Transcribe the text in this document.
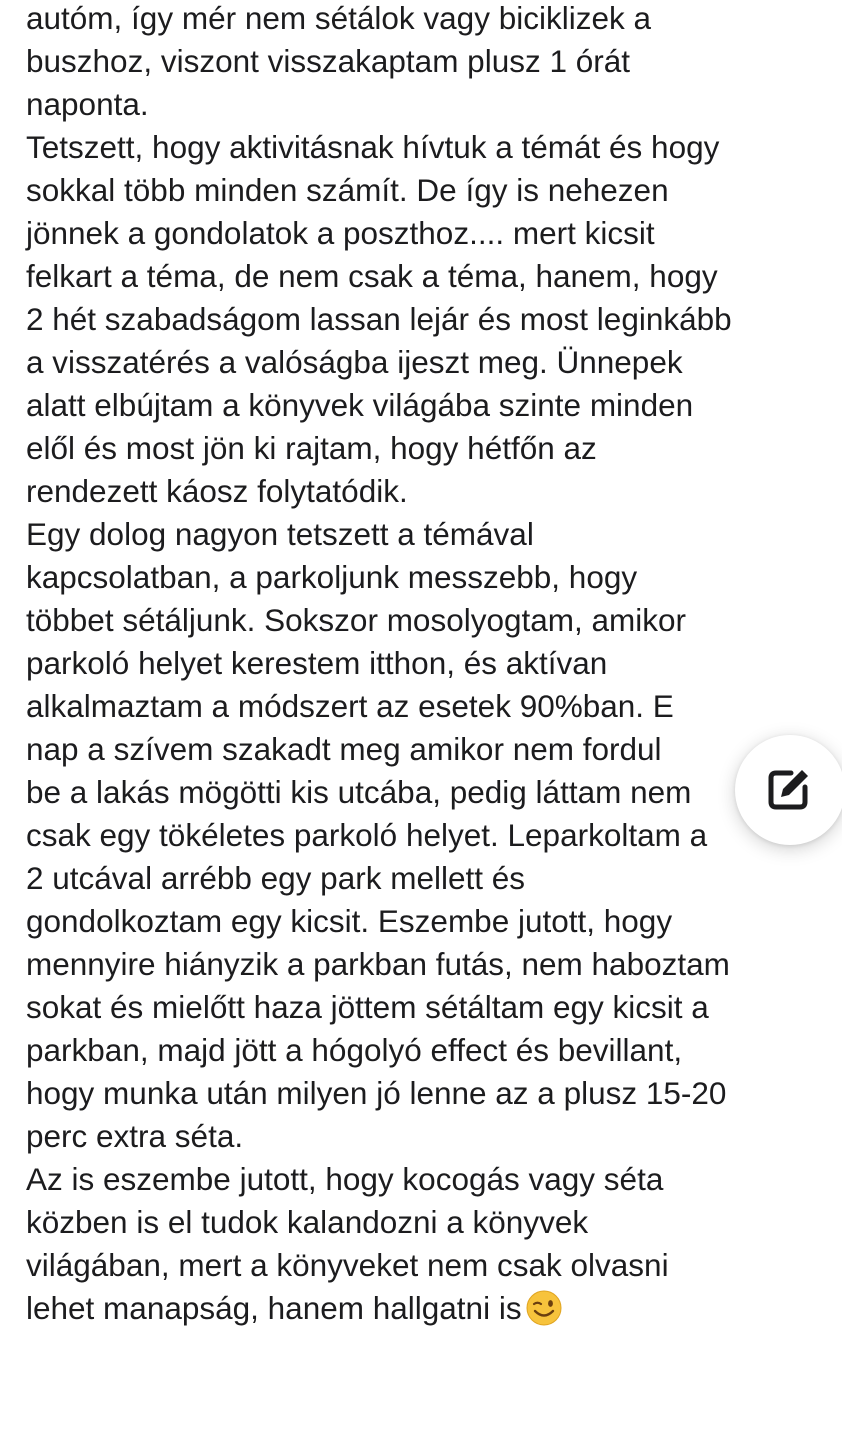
autóm, így mér nem sétálok vagy biciklizek a
buszhoz, viszont visszakaptam plusz 1 órát
naponta.
Tetszett, hogy aktivitásnak hívtuk a témát és hogy
sokkal több minden számít. De így is nehezen
jönnek a gondolatok a poszthoz.... mert kicsit
felkart a téma, de nem csak a téma, hanem, hogy
2 hét szabadságom lassan lejár és most leginkább
a visszatérés a valóságba ijeszt meg. Ünnepek
alatt elbújtam a könyvek világába szinte minden
elől és most jön ki rajtam, hogy hétfőn az
rendezett káosz folytatódik.
Egy dolog nagyon tetszett a témával
kapcsolatban, a parkoljunk messzebb, hogy
többet sétáljunk. Sokszor mosolyogtam, amikor
parkoló helyet kerestem itthon, és aktívan
alkalmaztam a módszert az esetek 90%ban. E
nap a szívem szakadt meg amikor nem fordul
be a lakás mögötti kis utcába, pedig láttam nem
csak egy tökéletes parkoló helyet. Leparkoltam a
2 utcával arrébb egy park mellett és
gondolkoztam egy kicsit. Eszembe jutott, hogy
mennyire hiányzik a parkban futás, nem haboztam
sokat és mielőtt haza jöttem sétáltam egy kicsit a
parkban, majd jött a hógolyó effect és bevillant,
hogy munka után milyen jó lenne az a plusz 15-20
perc extra séta.
Az is eszembe jutott, hogy kocogás vagy séta
közben is el tudok kalandozni a könyvek
világában, mert a könyveket nem csak olvasni
lehet manapság, hanem hallgatni is
